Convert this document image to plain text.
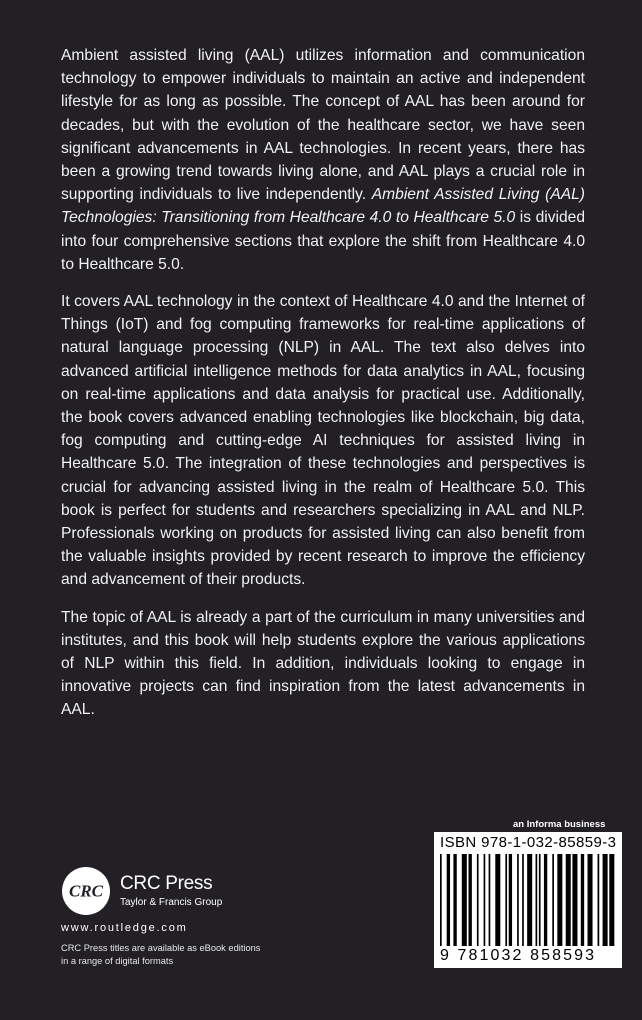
Ambient assisted living (AAL) utilizes information and communication technology to empower individuals to maintain an active and independent lifestyle for as long as possible. The concept of AAL has been around for decades, but with the evolution of the healthcare sector, we have seen significant advancements in AAL technologies. In recent years, there has been a growing trend towards living alone, and AAL plays a crucial role in supporting individuals to live independently. Ambient Assisted Living (AAL) Technologies: Transitioning from Healthcare 4.0 to Healthcare 5.0 is divided into four comprehensive sections that explore the shift from Healthcare 4.0 to Healthcare 5.0.

It covers AAL technology in the context of Healthcare 4.0 and the Internet of Things (IoT) and fog computing frameworks for real-time applications of natural language processing (NLP) in AAL. The text also delves into advanced artificial intelligence methods for data analytics in AAL, focusing on real-time applications and data analysis for practical use. Additionally, the book covers advanced enabling technologies like blockchain, big data, fog computing and cutting-edge AI techniques for assisted living in Healthcare 5.0. The integration of these technologies and perspectives is crucial for advancing assisted living in the realm of Healthcare 5.0. This book is perfect for students and researchers specializing in AAL and NLP. Professionals working on products for assisted living can also benefit from the valuable insights provided by recent research to improve the efficiency and advancement of their products.

The topic of AAL is already a part of the curriculum in many universities and institutes, and this book will help students explore the various applications of NLP within this field. In addition, individuals looking to engage in innovative projects can find inspiration from the latest advancements in AAL.

an Informa business
ISBN 978-1-032-85859-3
9 781032 858593
CRC CRC Press
Taylor & Francis Group
www.routledge.com
CRC Press titles are available as eBook editions in a range of digital formats
